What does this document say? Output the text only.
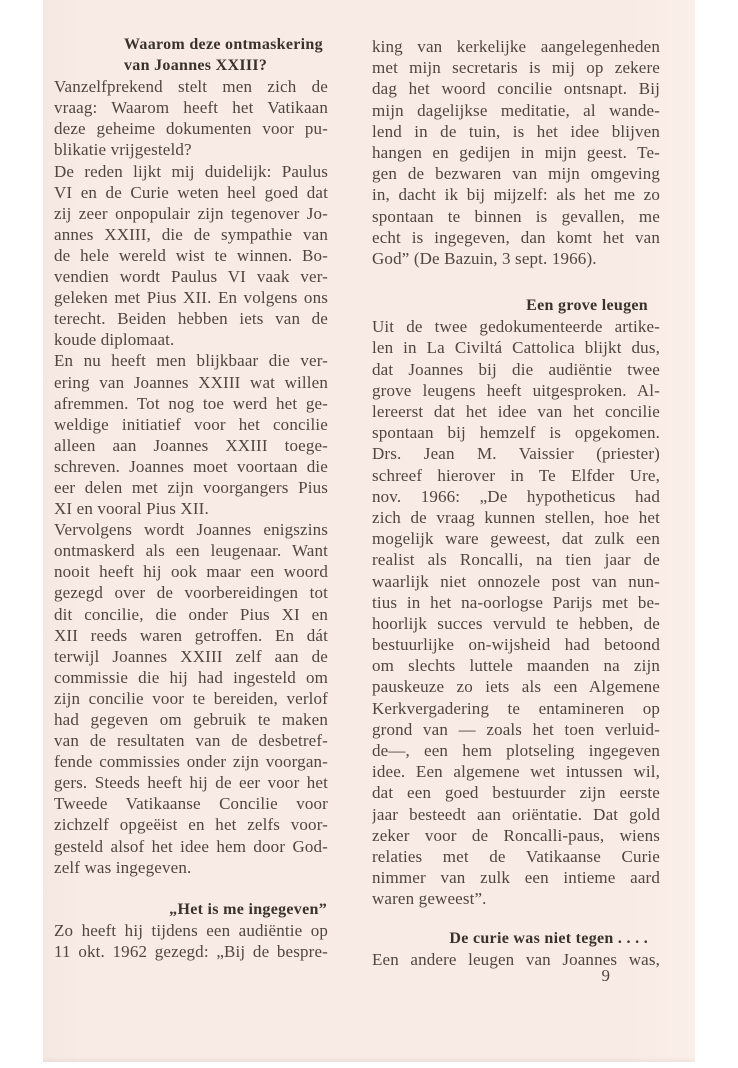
Waarom deze ontmaskering
van Joannes XXIII?
Vanzelfprekend stelt men zich de
vraag: Waarom heeft het Vatikaan
deze geheime dokumenten voor pu-
blikatie vrijgesteld?
De reden lijkt mij duidelijk: Paulus
VI en de Curie weten heel goed dat
zij zeer onpopulair zijn tegenover Jo-
annes XXIII, die de sympathie van
de hele wereld wist te winnen. Bo-
vendien wordt Paulus VI vaak ver-
geleken met Pius XII. En volgens ons
terecht. Beiden hebben iets van de
koude diplomaat.
En nu heeft men blijkbaar die ver-
ering van Joannes XXIII wat willen
afremmen. Tot nog toe werd het ge-
weldige initiatief voor het concilie
alleen aan Joannes XXIII toege-
schreven. Joannes moet voortaan die
eer delen met zijn voorgangers Pius
XI en vooral Pius XII.
Vervolgens wordt Joannes enigszins
ontmaskerd als een leugenaar. Want
nooit heeft hij ook maar een woord
gezegd over de voorbereidingen tot
dit concilie, die onder Pius XI en
XII reeds waren getroffen. En dát
terwijl Joannes XXIII zelf aan de
commissie die hij had ingesteld om
zijn concilie voor te bereiden, verlof
had gegeven om gebruik te maken
van de resultaten van de desbetref-
fende commissies onder zijn voorgan-
gers. Steeds heeft hij de eer voor het
Tweede Vatikaanse Concilie voor
zichzelf opgeëist en het zelfs voor-
gesteld alsof het idee hem door God-
zelf was ingegeven.
„Het is me ingegeven”
Zo heeft hij tijdens een audiëntie op
11 okt. 1962 gezegd: „Bij de bespre-
king van kerkelijke aangelegenheden
met mijn secretaris is mij op zekere
dag het woord concilie ontsnapt. Bij
mijn dagelijkse meditatie, al wande-
lend in de tuin, is het idee blijven
hangen en gedijen in mijn geest. Te-
gen de bezwaren van mijn omgeving
in, dacht ik bij mijzelf: als het me zo
spontaan te binnen is gevallen, me
echt is ingegeven, dan komt het van
God” (De Bazuin, 3 sept. 1966).
Een grove leugen
Uit de twee gedokumenteerde artike-
len in La Civiltá Cattolica blijkt dus,
dat Joannes bij die audiëntie twee
grove leugens heeft uitgesproken. Al-
lereerst dat het idee van het concilie
spontaan bij hemzelf is opgekomen.
Drs. Jean M. Vaissier (priester)
schreef hierover in Te Elfder Ure,
nov. 1966: „De hypotheticus had
zich de vraag kunnen stellen, hoe het
mogelijk ware geweest, dat zulk een
realist als Roncalli, na tien jaar de
waarlijk niet onnozele post van nun-
tius in het na-oorlogse Parijs met be-
hoorlijk succes vervuld te hebben, de
bestuurlijke on-wijsheid had betoond
om slechts luttele maanden na zijn
pauskeuze zo iets als een Algemene
Kerkvergadering te entamineren op
grond van — zoals het toen verluid-
de—, een hem plotseling ingegeven
idee. Een algemene wet intussen wil,
dat een goed bestuurder zijn eerste
jaar besteedt aan oriëntatie. Dat gold
zeker voor de Roncalli-paus, wiens
relaties met de Vatikaanse Curie
nimmer van zulk een intieme aard
waren geweest”.
De curie was niet tegen . . . .
Een andere leugen van Joannes was,
9
